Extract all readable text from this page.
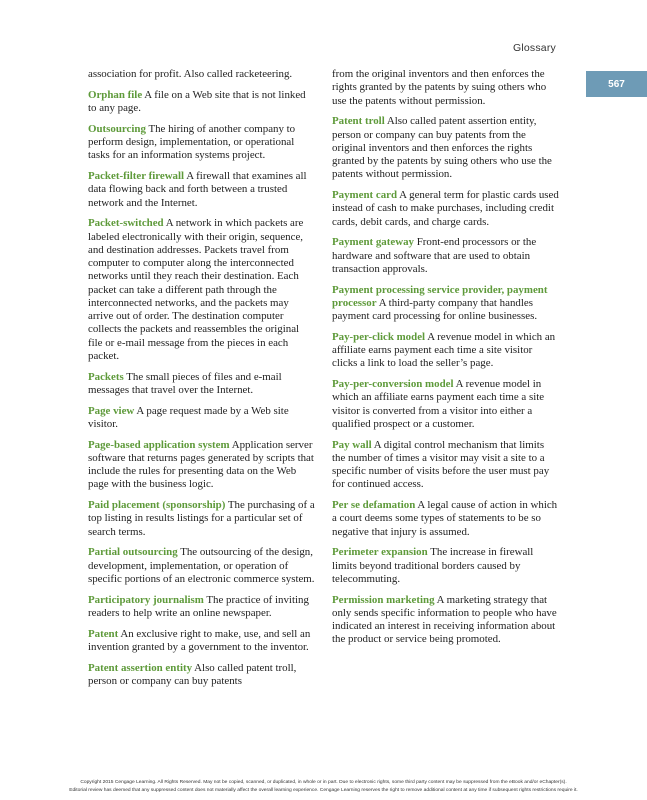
Glossary
567

association for profit. Also called racketeering.

Orphan file A file on a Web site that is not linked to any page.

Outsourcing The hiring of another company to perform design, implementation, or operational tasks for an information systems project.

Packet-filter firewall A firewall that examines all data flowing back and forth between a trusted network and the Internet.

Packet-switched A network in which packets are labeled electronically with their origin, sequence, and destination addresses. Packets travel from computer to computer along the interconnected networks until they reach their destination. Each packet can take a different path through the interconnected networks, and the packets may arrive out of order. The destination computer collects the packets and reassembles the original file or e-mail message from the pieces in each packet.

Packets The small pieces of files and e-mail messages that travel over the Internet.

Page view A page request made by a Web site visitor.

Page-based application system Application server software that returns pages generated by scripts that include the rules for presenting data on the Web page with the business logic.

Paid placement (sponsorship) The purchasing of a top listing in results listings for a particular set of search terms.

Partial outsourcing The outsourcing of the design, development, implementation, or operation of specific portions of an electronic commerce system.

Participatory journalism The practice of inviting readers to help write an online newspaper.

Patent An exclusive right to make, use, and sell an invention granted by a government to the inventor.

Patent assertion entity Also called patent troll, person or company can buy patents

from the original inventors and then enforces the rights granted by the patents by suing others who use the patents without permission.

Patent troll Also called patent assertion entity, person or company can buy patents from the original inventors and then enforces the rights granted by the patents by suing others who use the patents without permission.

Payment card A general term for plastic cards used instead of cash to make purchases, including credit cards, debit cards, and charge cards.

Payment gateway Front-end processors or the hardware and software that are used to obtain transaction approvals.

Payment processing service provider, payment processor A third-party company that handles payment card processing for online businesses.

Pay-per-click model A revenue model in which an affiliate earns payment each time a site visitor clicks a link to load the seller’s page.

Pay-per-conversion model A revenue model in which an affiliate earns payment each time a site visitor is converted from a visitor into either a qualified prospect or a customer.

Pay wall A digital control mechanism that limits the number of times a visitor may visit a site to a specific number of visits before the user must pay for continued access.

Per se defamation A legal cause of action in which a court deems some types of statements to be so negative that injury is assumed.

Perimeter expansion The increase in firewall limits beyond traditional borders caused by telecommuting.

Permission marketing A marketing strategy that only sends specific information to people who have indicated an interest in receiving information about the product or service being promoted.

Copyright 2015 Cengage Learning. All Rights Reserved. May not be copied, scanned, or duplicated, in whole or in part. Due to electronic rights, some third party content may be suppressed from the eBook and/or eChapter(s).
Editorial review has deemed that any suppressed content does not materially affect the overall learning experience. Cengage Learning reserves the right to remove additional content at any time if subsequent rights restrictions require it.
